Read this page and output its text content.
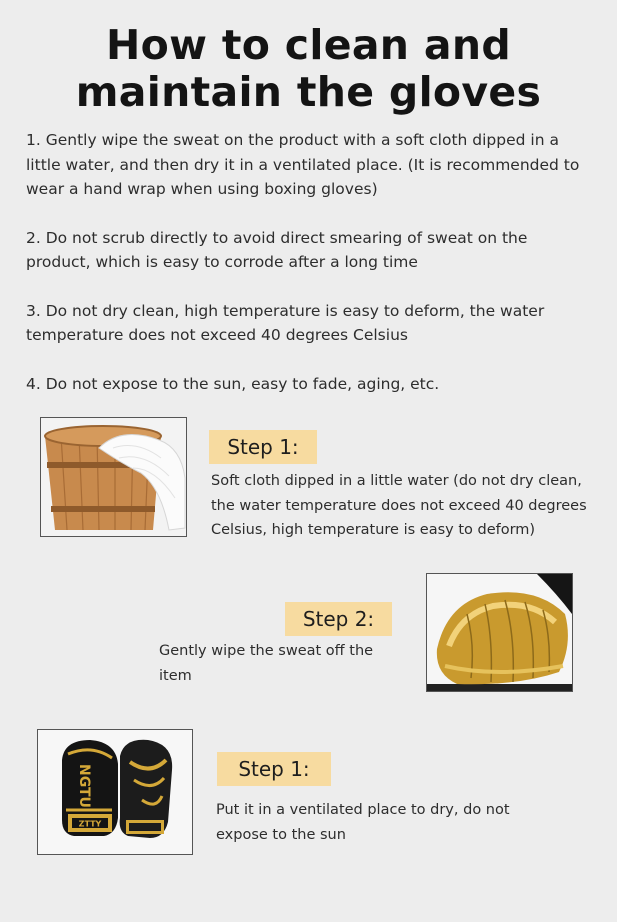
How to clean and
maintain the gloves

1. Gently wipe the sweat on the product with a soft cloth dipped in a little water, and then dry it in a ventilated place. (It is recommended to wear a hand wrap when using boxing gloves)

2. Do not scrub directly to avoid direct smearing of sweat on the product, which is easy to corrode after a long time

3. Do not dry clean, high temperature is easy to deform, the water temperature does not exceed 40 degrees Celsius

4. Do not expose to the sun, easy to fade, aging, etc.

Step 1:
Soft cloth dipped in a little water (do not dry clean, the water temperature does not exceed 40 degrees Celsius, high temperature is easy to deform)
Step 2:
Gently wipe the sweat off the item
ZTTY
NGTU	Step 1:
Put it in a ventilated place to dry, do not expose to the sun
